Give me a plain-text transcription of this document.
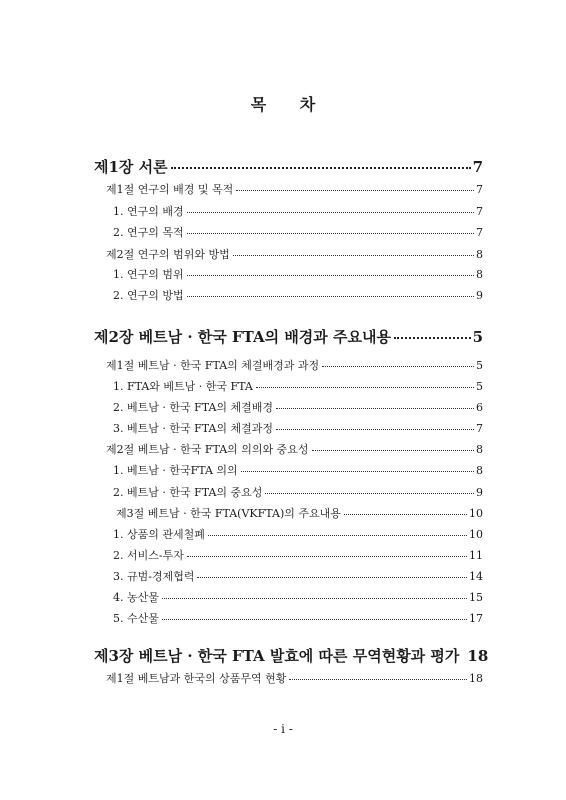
목 차
제1장 서론	7
제1절 연구의 배경 및 목적	7
1. 연구의 배경	7
2. 연구의 목적	7
제2절 연구의 범위와 방법	8
1. 연구의 범위	8
2. 연구의 방법	9
제2장 베트남 · 한국 FTA의 배경과 주요내용	5
제1절 베트남 · 한국 FTA의 체결배경과 과정	5
1. FTA와 베트남 · 한국 FTA	5
2. 베트남 · 한국 FTA의 체결배경	6
3. 베트남 · 한국 FTA의 체결과정	7
제2절 베트남 · 한국 FTA의 의의와 중요성	8
1. 베트남 · 한국FTA 의의	8
2. 베트남 · 한국 FTA의 중요성	9
제3절 베트남 · 한국 FTA(VKFTA)의 주요내용	10
1. 상품의 관세철폐	10
2. 서비스-투자	11
3. 규범-경제협력	14
4. 농산물	15
5. 수산물	17
제3장 베트남 · 한국 FTA 발효에 따른 무역현황과 평가 18
제1절 베트남과 한국의 상품무역 현황	18
- i -
